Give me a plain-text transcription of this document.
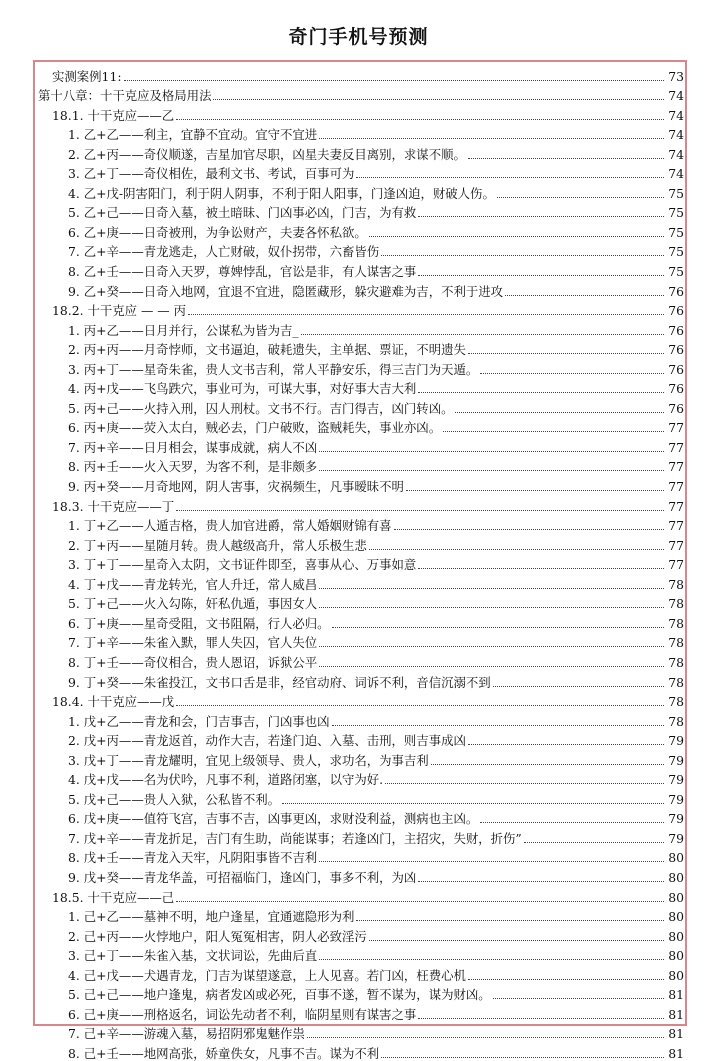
奇门手机号预测
实测案例11:	73
第十八章：十干克应及格局用法	74
18.1. 十干克应——乙	74
1. 乙+乙——利主，宜静不宜动。宜守不宜进	74
2. 乙+丙——奇仪顺遂，吉星加官尽职，凶星夫妻反目离别，求谋不顺。	74
3. 乙+丁——奇仪相佐，最利文书、考试，百事可为	74
4. 乙+戊-阴害阳门，利于阴人阴事，不利于阳人阳事，门逢凶迫，财破人伤。	75
5. 乙+己——日奇入墓，被土暗昧、门凶事必凶，门吉，为有救	75
6. 乙+庚——日奇被刑，为争讼财产，夫妻各怀私欲。	75
7. 乙+辛——青龙逃走，人亡财破，奴仆拐带，六畜皆伤	75
8. 乙+壬——日奇入天罗，尊婢悖乱，官讼是非，有人谋害之事	75
9. 乙+癸——日奇入地网，宜退不宜进，隐匿藏形，躲灾避难为吉，不利于进攻	76
18.2. 十干克应 — — 丙	76
1. 丙+乙——日月并行，公谋私为皆为吉_	76
2. 丙+丙——月奇悖师，文书逼迫，破耗遗失，主单据、票证，不明遗失	76
3. 丙+丁——星奇朱雀，贵人文书吉利，常人平静安乐，得三吉门为天遁。	76
4. 丙+戊——飞鸟跌穴，事业可为，可谋大事，对好事大吉大利	76
5. 丙+己——火持入刑，囚人刑杖。文书不行。吉门得吉，凶门转凶。	76
6. 丙+庚——荧入太白，贼必去，门户破败，盗贼耗失，事业亦凶。	77
7. 丙+辛——日月相会，谋事成就，病人不凶	77
8. 丙+壬——火入天罗，为客不利，是非颇多	77
9. 丙+癸——月奇地网，阴人害事，灾祸频生，凡事暧昧不明	77
18.3. 十干克应——丁	77
1. 丁+乙——人遁吉格，贵人加官进爵，常人婚姻财锦有喜	77
2. 丁+丙——星随月转。贵人越级高升，常人乐极生悲	77
3. 丁+丁——星奇入太阴，文书证件即至，喜事从心、万事如意	77
4. 丁+戊——青龙转光，官人升迁，常人威昌	78
5. 丁+己——火入勾陈，奸私仇遁，事因女人	78
6. 丁+庚——星奇受阻，文书阻隔，行人必归。	78
7. 丁+辛——朱雀入默，罪人失囚，官人失位	78
8. 丁+壬——奇仪相合，贵人恩诏，诉狱公平	78
9. 丁+癸——朱雀投江，文书口舌是非，经官动府、词诉不利，音信沉溺不到	78
18.4. 十干克应——戊	78
1. 戊+乙——青龙和会，门吉事吉，门凶事也凶	78
2. 戊+丙——青龙返首，动作大吉，若逢门迫、入墓、击刑，则吉事成凶	79
3. 戊+丁——青龙耀明，宜见上级领导、贵人，求功名，为事吉利	79
4. 戊+戊——名为伏吟，凡事不利，道路闭塞，以守为好.	79
5. 戊+己——贵人入狱，公私皆不利。	79
6. 戊+庚——值符飞宫，吉事不吉，凶事更凶，求财没利益，测病也主凶。	79
7. 戊+辛——青龙折足，吉门有生助，尚能谋事；若逢凶门，主招灾，失财，折伤”	79
8. 戊+壬——青龙入天牢，凡阴阳事皆不吉利	80
9. 戊+癸——青龙华盖，可招福临门，逢凶门，事多不利，为凶	80
18.5. 十干克应——己	80
1. 己+乙——墓神不明，地户逢星，宜通遮隐形为利	80
2. 己+丙——火悖地户，阳人冤冤相害，阴人必致淫污	80
3. 己+丁——朱雀入基，文状词讼，先曲后直	80
4. 己+戊——犬遇青龙，门吉为谋望遂意，上人见喜。若门凶，枉费心机	80
5. 己+己——地户逢鬼，病者发凶或必死，百事不遂，暂不谋为，谋为财凶。	81
6. 己+庚——刑格返名，词讼先动者不利，临阴星则有谋害之事	81
7. 己+辛——游魂入墓，易招阴邪鬼魅作祟	81
8. 己+壬——地网高张，娇童佚女，凡事不吉。谋为不利	81
